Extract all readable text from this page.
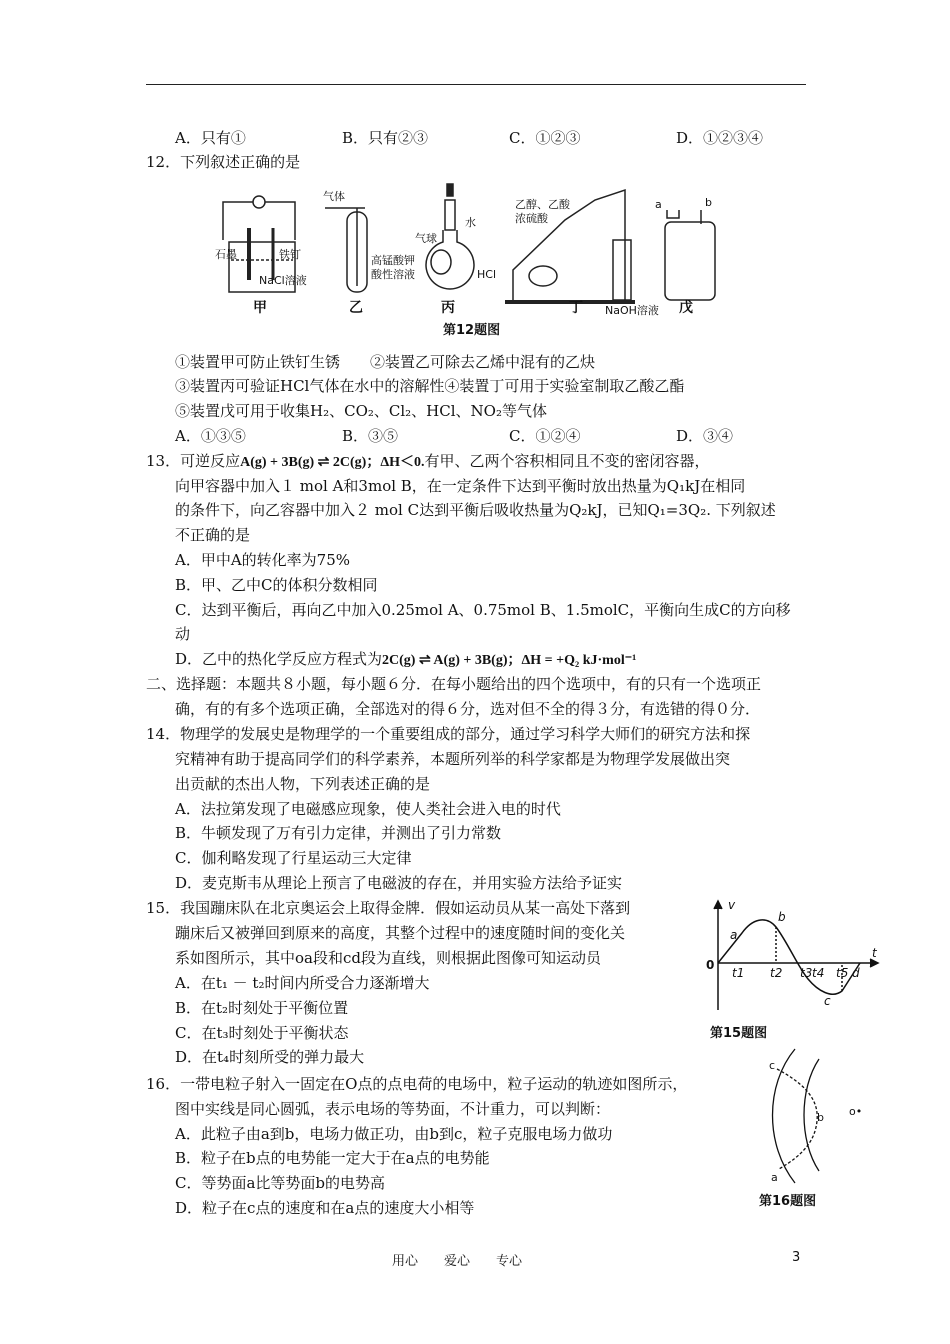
A．只有①	B．只有②③	C．①②③	D．①②③④
12．下列叙述正确的是
石墨	铁钉
NaCl溶液
气体
高锰酸钾
酸性溶液
水
气球
HCl
乙醇、乙酸
浓硫酸
NaOH溶液
a	b
甲	乙	丙	丁	戊
第12题图
①装置甲可防止铁钉生锈　　②装置乙可除去乙烯中混有的乙炔
③装置丙可验证HCl气体在水中的溶解性④装置丁可用于实验室制取乙酸乙酯
⑤装置戊可用于收集H₂、CO₂、Cl₂、HCl、NO₂等气体
A．①③⑤	B．③⑤	C．①②④	D．③④
13．可逆反应A(g) + 3B(g) ⇌ 2C(g)；ΔH＜0.有甲、乙两个容积相同且不变的密闭容器，
向甲容器中加入１ mol A和3mol B，在一定条件下达到平衡时放出热量为Q₁kJ在相同
的条件下，向乙容器中加入２ mol C达到平衡后吸收热量为Q₂kJ，已知Q₁=3Q₂. 下列叙述
不正确的是
A．甲中A的转化率为75%
B．甲、乙中C的体积分数相同
C．达到平衡后，再向乙中加入0.25mol A、0.75mol B、1.5molC，平衡向生成C的方向移
动
D．乙中的热化学反应方程式为2C(g) ⇌ A(g) + 3B(g)；ΔH = +Q₂ kJ·mol⁻¹
二、选择题：本题共８小题，每小题６分．在每小题给出的四个选项中，有的只有一个选项正
确，有的有多个选项正确，全部选对的得６分，选对但不全的得３分，有选错的得０分．
14．物理学的发展史是物理学的一个重要组成的部分，通过学习科学大师们的研究方法和探
究精神有助于提高同学们的科学素养，本题所列举的科学家都是为物理学发展做出突
出贡献的杰出人物，下列表述正确的是
A．法拉第发现了电磁感应现象，使人类社会进入电的时代
B．牛顿发现了万有引力定律，并测出了引力常数
C．伽利略发现了行星运动三大定律
D．麦克斯韦从理论上预言了电磁波的存在，并用实验方法给予证实
15．我国蹦床队在北京奥运会上取得金牌．假如运动员从某一高处下落到
蹦床后又被弹回到原来的高度，其整个过程中的速度随时间的变化关
系如图所示，其中oa段和cd段为直线，则根据此图像可知运动员
A．在t₁ － t₂时间内所受合力逐渐增大
B．在t₂时刻处于平衡位置
C．在t₃时刻处于平衡状态
D．在t₄时刻所受的弹力最大
v
t
0
a
b
c
d
t1 t2 t3 t4 t5
第15题图
16．一带电粒子射入一固定在O点的点电荷的电场中，粒子运动的轨迹如图所示，
图中实线是同心圆弧，表示电场的等势面，不计重力，可以判断：
A．此粒子由a到b，电场力做正功，由b到c，粒子克服电场力做功
B．粒子在b点的电势能一定大于在a点的电势能
C．等势面a比等势面b的电势高
D．粒子在c点的速度和在a点的速度大小相等
c
b
a
o•
第16题图
用心　　爱心　　专心	3
